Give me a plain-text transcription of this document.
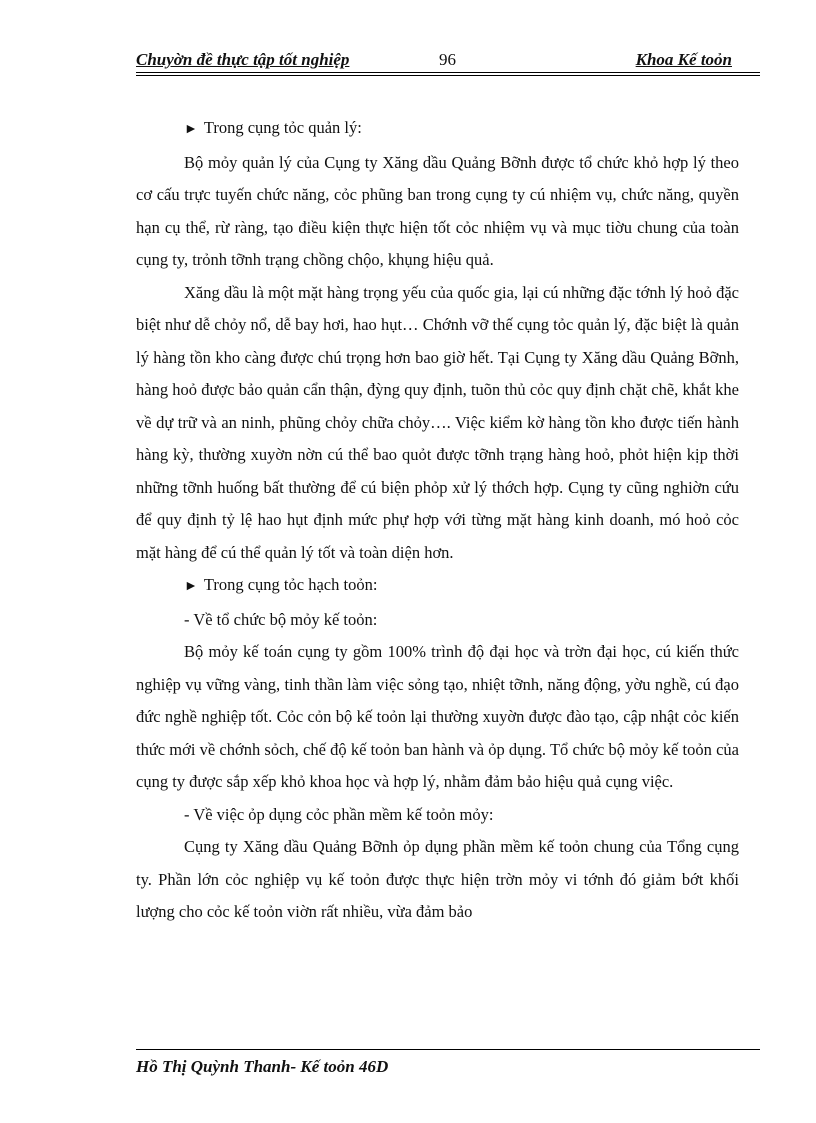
Chuyờn đề thực tập tốt nghiệp	96	Khoa Kế toỏn

► Trong cụng tỏc quản lý:

Bộ mỏy quản lý của Cụng ty Xăng dầu Quảng Bỡnh được tổ chức khỏ hợp lý theo cơ cấu trực tuyến chức năng, cỏc phũng ban trong cụng ty cú nhiệm vụ, chức năng, quyền hạn cụ thể, rừ ràng, tạo điều kiện thực hiện tốt cỏc nhiệm vụ và mục tiờu chung của toàn cụng ty, trỏnh tỡnh trạng chồng chộo, khụng hiệu quả.

Xăng dầu là một mặt hàng trọng yếu của quốc gia, lại cú những đặc tớnh lý hoỏ đặc biệt như dễ chỏy nổ, dễ bay hơi, hao hụt… Chớnh vỡ thế cụng tỏc quản lý, đặc biệt là quản lý hàng tồn kho càng được chú trọng hơn bao giờ hết. Tại Cụng ty Xăng dầu Quảng Bỡnh, hàng hoỏ được bảo quản cẩn thận, đỳng quy định, tuõn thủ cỏc quy định chặt chẽ, khắt khe về dự trữ và an ninh, phũng chỏy chữa chỏy…. Việc kiểm kờ hàng tồn kho được tiến hành hàng kỳ, thường xuyờn nờn cú thể bao quỏt được tỡnh trạng hàng hoỏ, phỏt hiện kịp thời những tỡnh huống bất thường để cú biện phỏp xử lý thớch hợp. Cụng ty cũng nghiờn cứu để quy định tỷ lệ hao hụt định mức phự hợp với từng mặt hàng kinh doanh, mó hoỏ cỏc mặt hàng để cú thể quản lý tốt và toàn diện hơn.

► Trong cụng tỏc hạch toỏn:

- Về tổ chức bộ mỏy kế toỏn:

Bộ mỏy kế toán cụng ty gồm 100% trình độ đại học và trờn đại học, cú kiến thức nghiệp vụ vững vàng, tinh thần làm việc sỏng tạo, nhiệt tỡnh, năng động, yờu nghề, cú đạo đức nghề nghiệp tốt. Cỏc cỏn bộ kế toỏn lại thường xuyờn được đào tạo, cập nhật cỏc kiến thức mới về chớnh sỏch, chế độ kế toỏn ban hành và ỏp dụng. Tổ chức bộ mỏy kế toỏn của cụng ty được sắp xếp khỏ khoa học và hợp lý, nhằm đảm bảo hiệu quả cụng việc.

- Về việc ỏp dụng cỏc phần mềm kế toỏn mỏy:

Cụng ty Xăng dầu Quảng Bỡnh ỏp dụng phần mềm kế toỏn chung của Tổng cụng ty. Phần lớn cỏc nghiệp vụ kế toỏn được thực hiện trờn mỏy vi tớnh đó giảm bớt khối lượng cho cỏc kế toỏn viờn rất nhiều, vừa đảm bảo

Hồ Thị Quỳnh Thanh- Kế toỏn 46D
